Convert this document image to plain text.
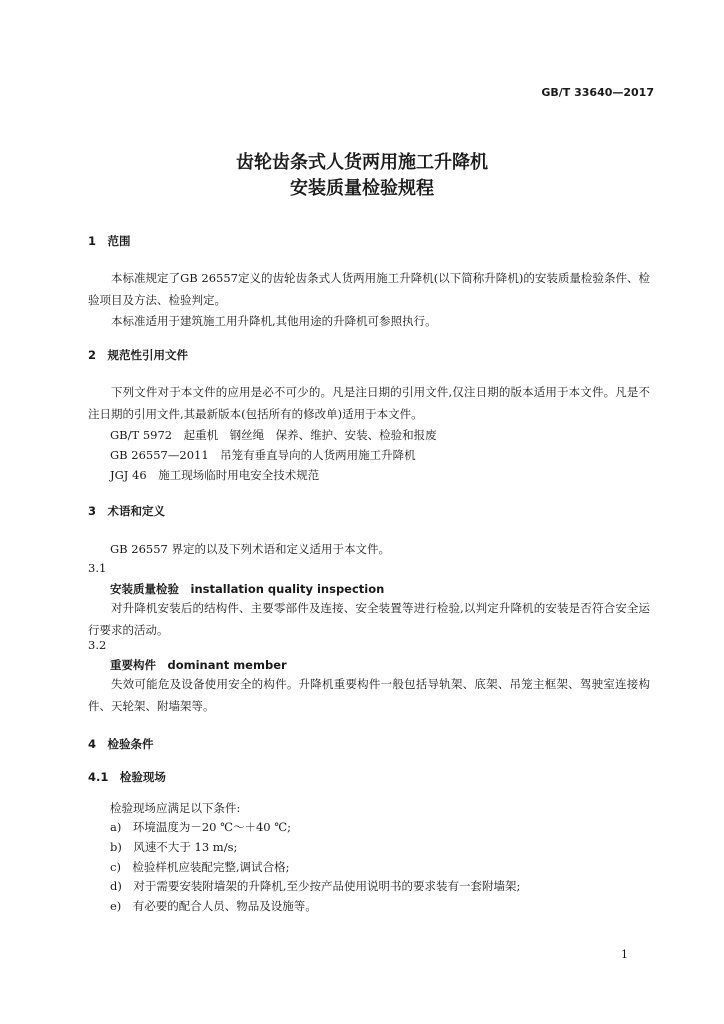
GB/T 33640—2017
齿轮齿条式人货两用施工升降机
安装质量检验规程
1　范围
本标准规定了GB 26557定义的齿轮齿条式人货两用施工升降机(以下简称升降机)的安装质量检验条件、检验项目及方法、检验判定。
本标准适用于建筑施工用升降机,其他用途的升降机可参照执行。
2　规范性引用文件
下列文件对于本文件的应用是必不可少的。凡是注日期的引用文件,仅注日期的版本适用于本文件。凡是不注日期的引用文件,其最新版本(包括所有的修改单)适用于本文件。
GB/T 5972　起重机　钢丝绳　保养、维护、安装、检验和报废
GB 26557—2011　吊笼有垂直导向的人货两用施工升降机
JGJ 46　施工现场临时用电安全技术规范
3　术语和定义
GB 26557 界定的以及下列术语和定义适用于本文件。
3.1
安装质量检验　installation quality inspection
对升降机安装后的结构件、主要零部件及连接、安全装置等进行检验,以判定升降机的安装是否符合安全运行要求的活动。
3.2
重要构件　dominant member
失效可能危及设备使用安全的构件。升降机重要构件一般包括导轨架、底架、吊笼主框架、驾驶室连接构件、天轮架、附墙架等。
4　检验条件
4.1　检验现场
检验现场应满足以下条件:
a)　环境温度为－20 ℃～＋40 ℃;
b)　风速不大于 13 m/s;
c)　检验样机应装配完整,调试合格;
d)　对于需要安装附墙架的升降机,至少按产品使用说明书的要求装有一套附墙架;
e)　有必要的配合人员、物品及设施等。
1
